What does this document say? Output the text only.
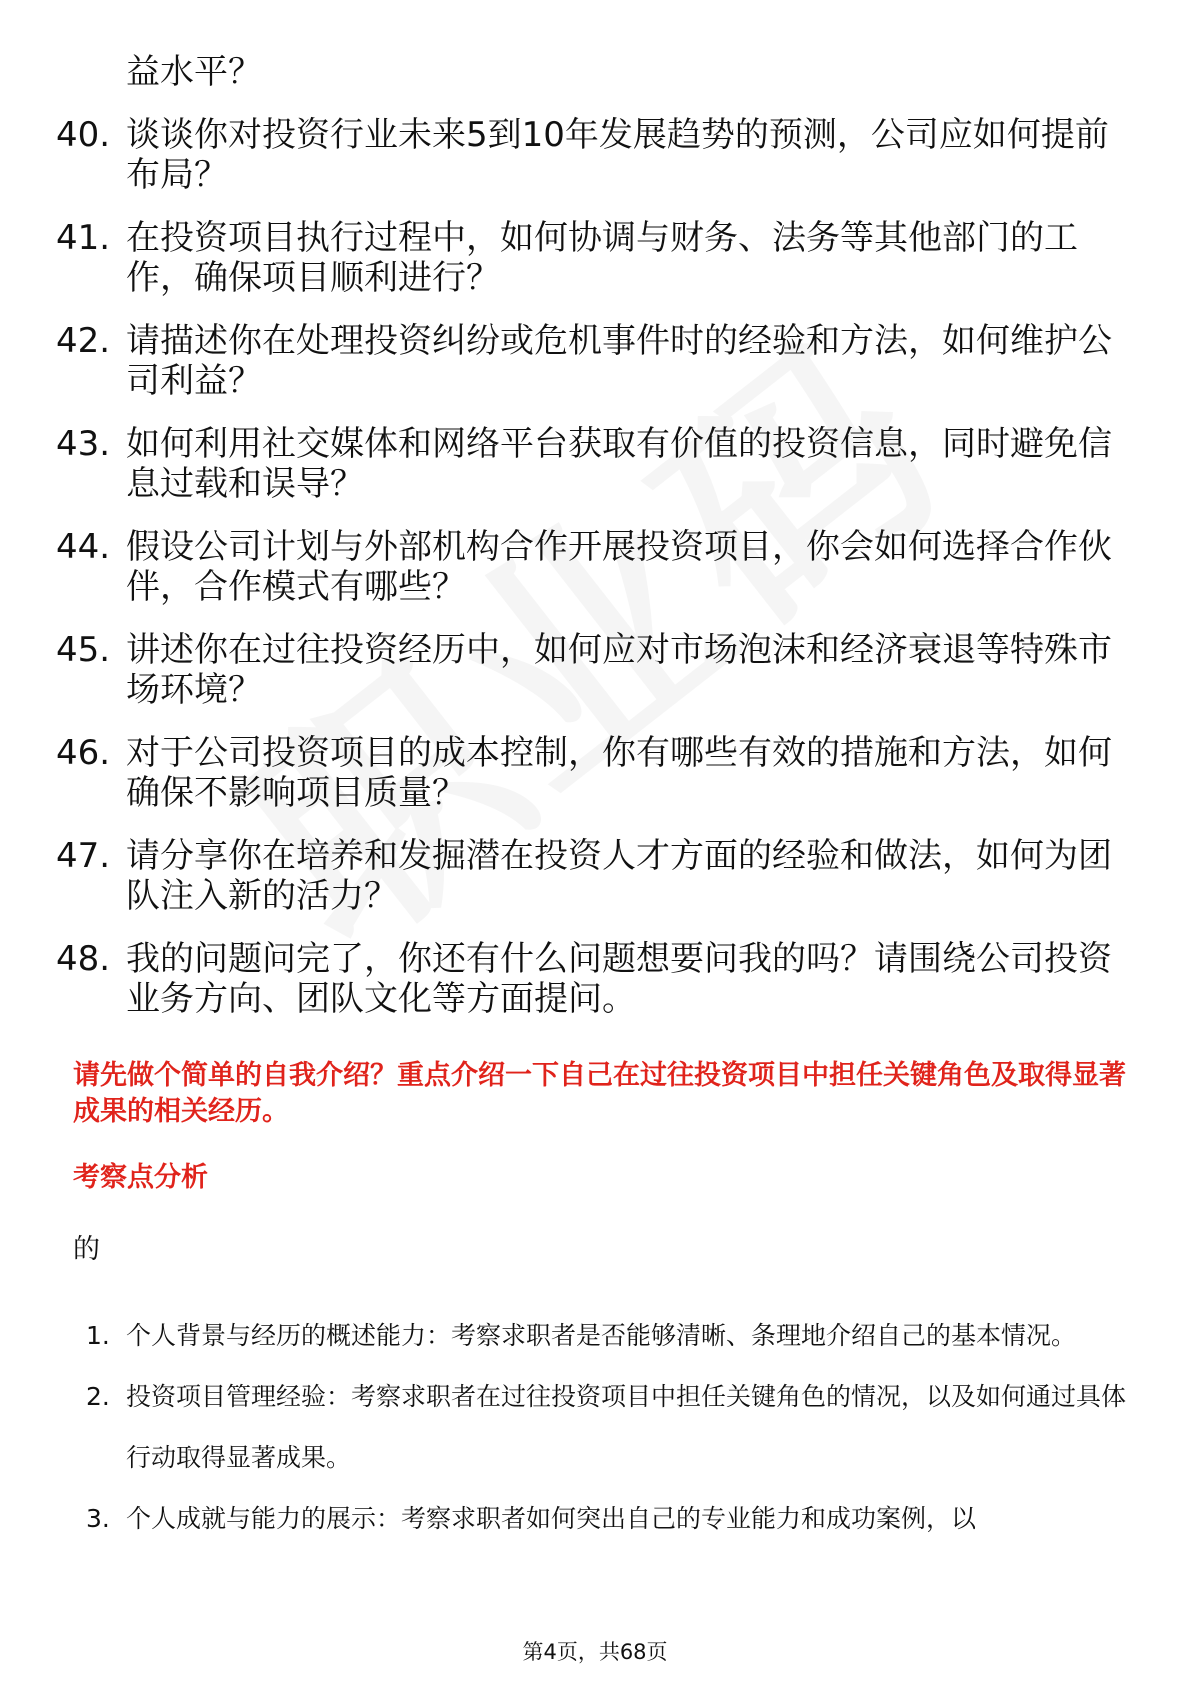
益水平？

40. 谈谈你对投资行业未来5到10年发展趋势的预测，公司应如何提前布局？

41. 在投资项目执行过程中，如何协调与财务、法务等其他部门的工作，确保项目顺利进行？

42. 请描述你在处理投资纠纷或危机事件时的经验和方法，如何维护公司利益？

43. 如何利用社交媒体和网络平台获取有价值的投资信息，同时避免信息过载和误导？

44. 假设公司计划与外部机构合作开展投资项目，你会如何选择合作伙伴，合作模式有哪些？

45. 讲述你在过往投资经历中，如何应对市场泡沫和经济衰退等特殊市场环境？

46. 对于公司投资项目的成本控制，你有哪些有效的措施和方法，如何确保不影响项目质量？

47. 请分享你在培养和发掘潜在投资人才方面的经验和做法，如何为团队注入新的活力？

48. 我的问题问完了，你还有什么问题想要问我的吗？请围绕公司投资业务方向、团队文化等方面提问。

请先做个简单的自我介绍？重点介绍一下自己在过往投资项目中担任关键角色及取得显著成果的相关经历。
考察点分析
的
1. 个人背景与经历的概述能力：考察求职者是否能够清晰、条理地介绍自己的基本情况。

2. 投资项目管理经验：考察求职者在过往投资项目中担任关键角色的情况，以及如何通过具体行动取得显著成果。

3. 个人成就与能力的展示：考察求职者如何突出自己的专业能力和成功案例，以

第4页，共68页
